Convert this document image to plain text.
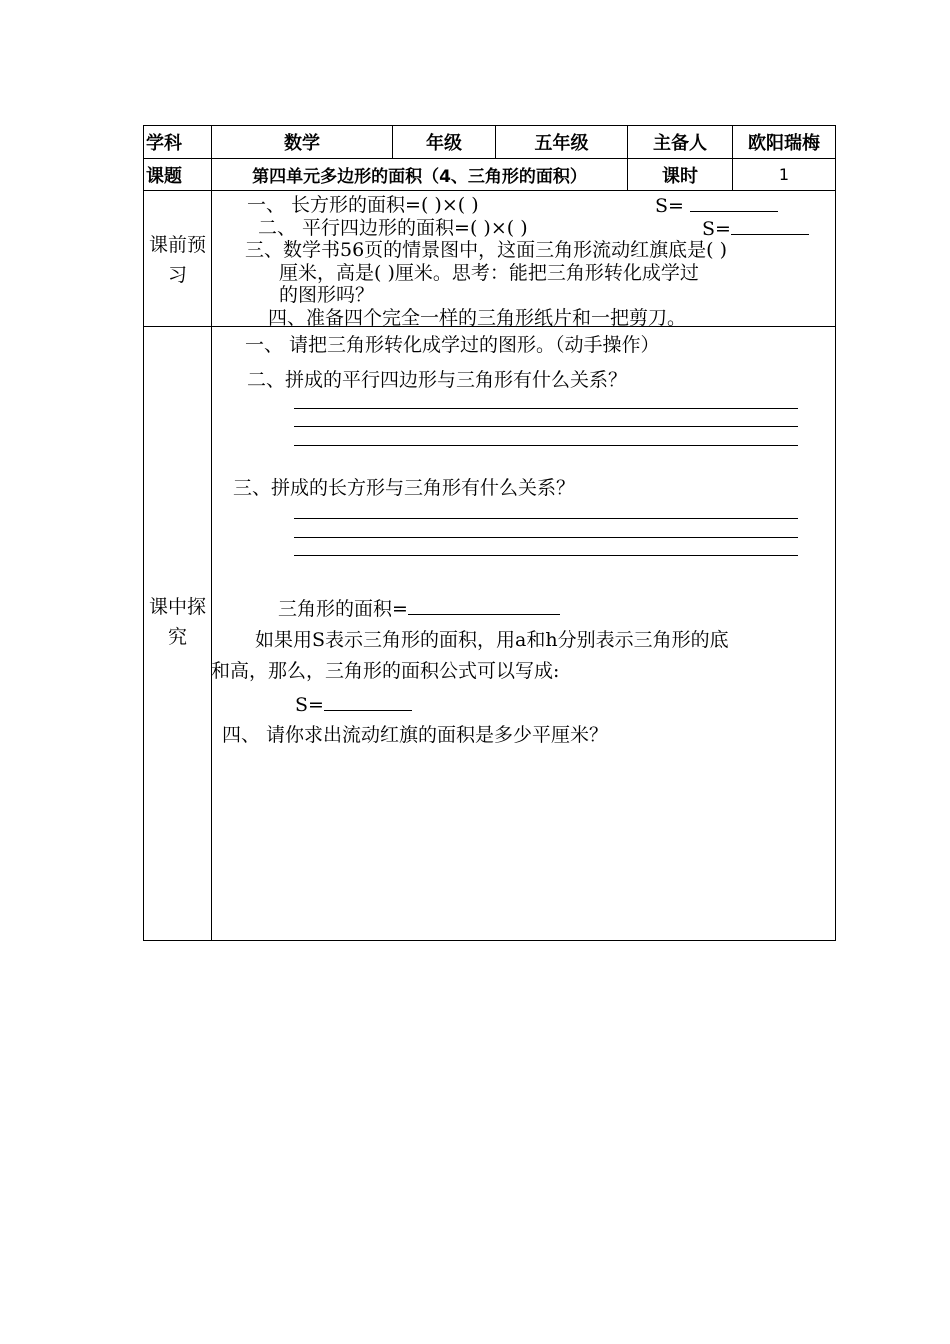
学科	数学	年级	五年级	主备人	欧阳瑞梅
课题	第四单元多边形的面积（4、三角形的面积）	课时	1
课前预习
一、 长方形的面积=( )×( )	S=
二、 平行四边形的面积=( )×( )	S=
三、数学书56页的情景图中，这面三角形流动红旗底是( )
厘米，高是( )厘米。思考：能把三角形转化成学过
的图形吗？
四、准备四个完全一样的三角形纸片和一把剪刀。
课中探究
一、 请把三角形转化成学过的图形。（动手操作）
二、拼成的平行四边形与三角形有什么关系？
三、拼成的长方形与三角形有什么关系？
三角形的面积=
如果用S表示三角形的面积，用a和h分别表示三角形的底
和高，那么，三角形的面积公式可以写成:
S=
四、 请你求出流动红旗的面积是多少平厘米？
